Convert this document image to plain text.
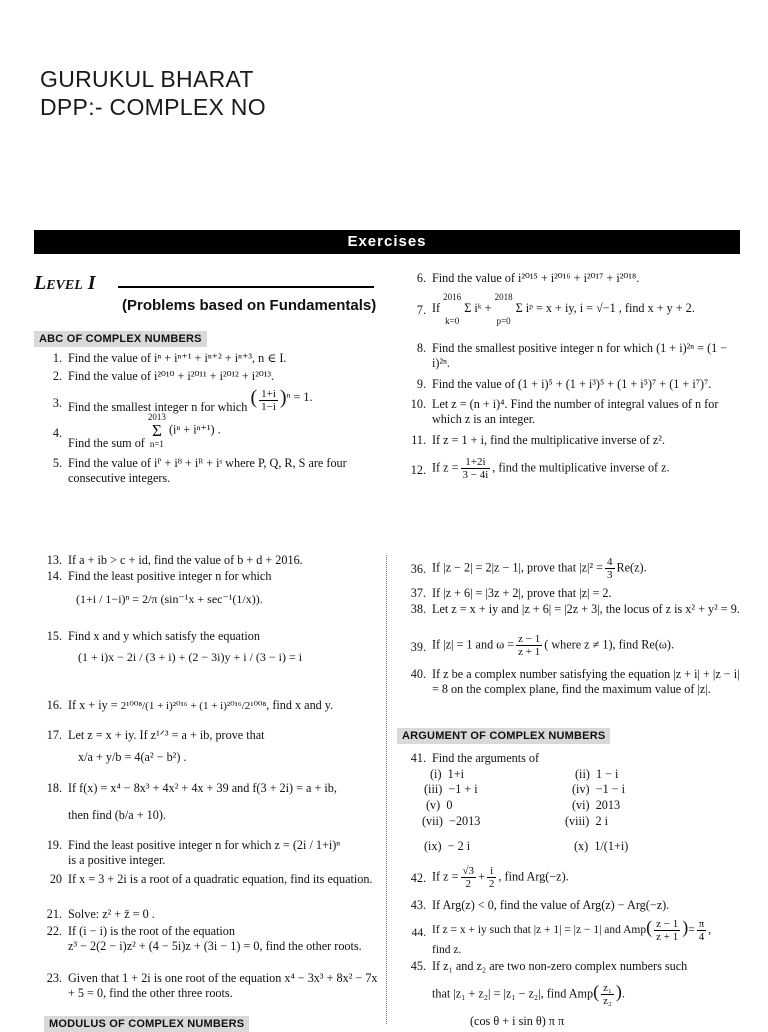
GURUKUL BHARAT
DPP:- COMPLEX NO
Exercises
Level I
(Problems based on Fundamentals)
ABC OF COMPLEX NUMBERS
1. Find the value of iⁿ + iⁿ⁺¹ + iⁿ⁺² + iⁿ⁺³, n ∈ I.
2. Find the value of i²⁰¹⁰ + i²⁰¹¹ + i²⁰¹² + i²⁰¹³.
3. Find the smallest integer n for which ( $\frac{1+i}{1-i} )^n = 1$.
4.
Find the sum of
2013
Σ
n=1
(iⁿ + iⁿ⁺¹) .
5. Find the value of iᴾ + iᴽ + iᴿ + iˢ where P, Q, R, S are four consecutive integers.
6. Find the value of i²⁰¹⁵ + i²⁰¹⁶ + i²⁰¹⁷ + i²⁰¹⁸.
7. If
2016
k=0
Σ iᵏ +
2018
p=0
Σ iᵖ = x + iy, i = √−1 , find x + y + 2.
8. Find the smallest positive integer n for which (1 + i)²ⁿ = (1 − i)²ⁿ.
9. Find the value of (1 + i)⁵ + (1 + i³)⁵ + (1 + i⁵)⁷ + (1 + i⁷)⁷.
10. Let z = (n + i)⁴. Find the number of integral values of n for which z is an integer.
11. If z = 1 + i, find the multiplicative inverse of z².
12. If $z = \frac{1+2i}{3 - 4i}$ , find the multiplicative inverse of z.
13. If a + ib > c + id, find the value of b + d + 2016.
14. Find the least positive integer n for which
(1+i / 1−i)ⁿ = 2/π (sin⁻¹x + sec⁻¹(1/x)).
15. Find x and y which satisfy the equation
(1 + i)x − 2i / (3 + i) + (2 − 3i)y + i / (3 − i) = i
16. If x + iy = 2¹⁰⁰⁸/(1 + i)²⁰¹⁶ + (1 + i)²⁰¹⁶/2¹⁰⁰⁸, find x and y.
17. Let z = x + iy. If z¹ᐟ³ = a + ib, prove that
x/a + y/b = 4(a² − b²) .
18. If f(x) = x⁴ − 8x³ + 4x² + 4x + 39 and f(3 + 2i) = a + ib,
then find (b/a + 10).
19. Find the least positive integer n for which z = (2i / 1+i)ⁿ
is a positive integer.
20 If x = 3 + 2i is a root of a quadratic equation, find its equation.
21. Solve: z² + z̄ = 0 .
22. If (i − i) is the root of the equation
z³ − 2(2 − i)z² + (4 − 5i)z + (3i − 1) = 0, find the other roots.
23. Given that 1 + 2i is one root of the equation x⁴ − 3x³ + 8x² − 7x + 5 = 0, find the other three roots.
MODULUS OF COMPLEX NUMBERS
36. If |z − 2| = 2|z − 1|, prove that $|z|^2 = \frac{4}{3} Re(z)$.
37. If |z + 6| = |3z + 2|, prove that |z| = 2.
38. Let z = x + iy and |z + 6| = |2z + 3|, the locus of z is x² + y² = 9.
39. If |z| = 1 and $\omega = \frac{z - 1}{z + 1}$ ( where z ≠ 1), find Re(ω).
40. If z be a complex number satisfying the equation |z + i| + |z − i| = 8 on the complex plane, find the maximum value of |z|.
ARGUMENT OF COMPLEX NUMBERS
41. Find the arguments of
(i) 1+i	(ii) 1 − i
(iii) −1 + i	(iv) −1 − i
(v) 0	(vi) 2013
(vii) −2013	(viii) 2 i
(ix) − 2 i	(x) 1/(1+i)
42. If $z = \frac{√3}{2} + \frac{i}{2}$ , find Arg(−z).
43. If Arg(z) < 0, find the value of Arg(z) − Arg(−z).
44. If z = x + iy such that |z + 1| = |z − 1| and $Amp( \frac{z - 1}{z + 1}$ )= $\frac{\pi}{4}$ ,
find z.
45. If z₁ and z₂ are two non-zero complex numbers such
that |z₁ + z₂| = |z₁ − z₂|, find $Amp( \frac{\text{z₁}}{\text{z₂}}$ ).
(cos θ + i sin θ) π π
